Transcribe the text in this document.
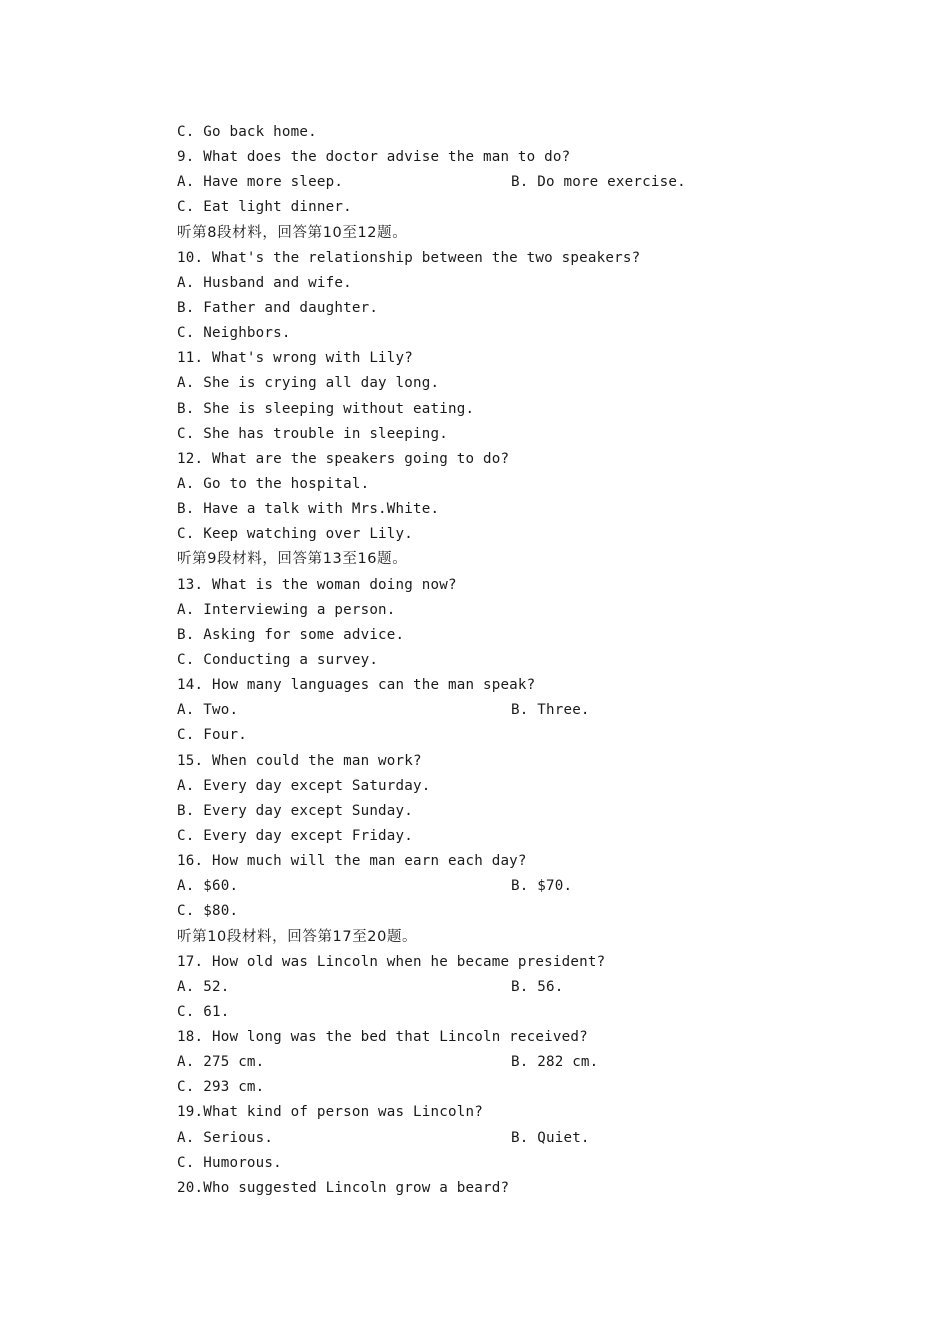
C. Go back home.
9. What does the doctor advise the man to do?
A. Have more sleep.	B. Do more exercise.
C. Eat light dinner.
听第8段材料，回答第10至12题。
10. What's the relationship between the two speakers?
A. Husband and wife.
B. Father and daughter.
C. Neighbors.
11. What's wrong with Lily?
A. She is crying all day long.
B. She is sleeping without eating.
C. She has trouble in sleeping.
12. What are the speakers going to do?
A. Go to the hospital.
B. Have a talk with Mrs.White.
C. Keep watching over Lily.
听第9段材料，回答第13至16题。
13. What is the woman doing now?
A. Interviewing a person.
B. Asking for some advice.
C. Conducting a survey.
14. How many languages can the man speak?
A. Two.	B. Three.
C. Four.
15. When could the man work?
A. Every day except Saturday.
B. Every day except Sunday.
C. Every day except Friday.
16. How much will the man earn each day?
A. $60.	B. $70.
C. $80.
听第10段材料，回答第17至20题。
17. How old was Lincoln when he became president?
A. 52.	B. 56.
C. 61.
18. How long was the bed that Lincoln received?
A. 275 cm.	B. 282 cm.
C. 293 cm.
19.What kind of person was Lincoln?
A. Serious.	B. Quiet.
C. Humorous.
20.Who suggested Lincoln grow a beard?
